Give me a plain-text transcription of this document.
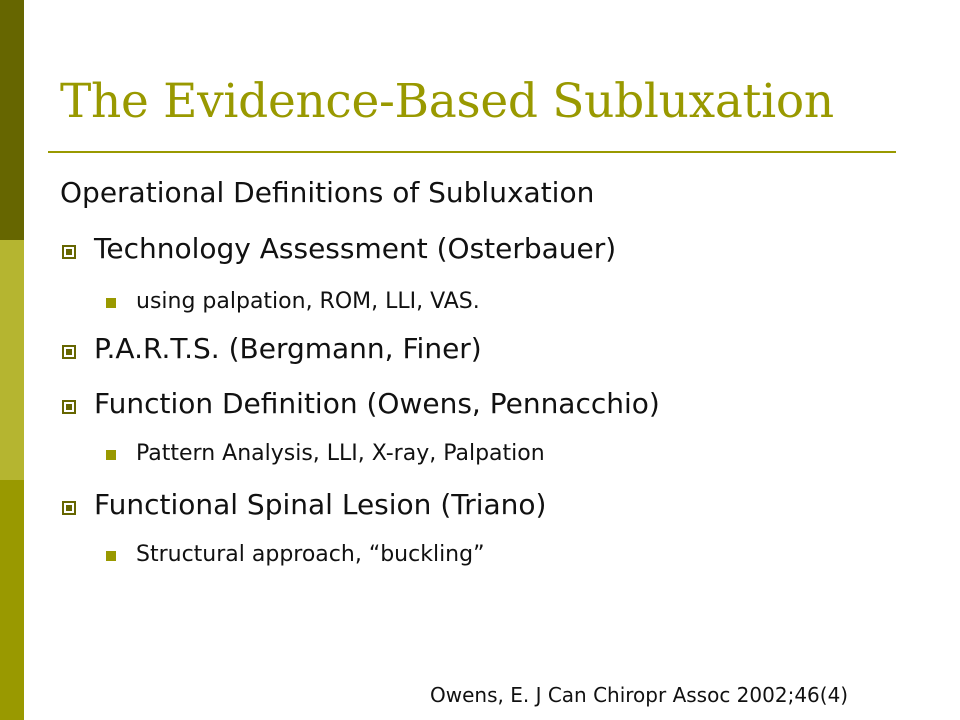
The Evidence-Based Subluxation
Operational Definitions of Subluxation
Technology Assessment (Osterbauer)
using palpation, ROM, LLI, VAS.
P.A.R.T.S. (Bergmann, Finer)
Function Definition (Owens, Pennacchio)
Pattern Analysis, LLI, X-ray, Palpation
Functional Spinal Lesion (Triano)
Structural approach, “buckling”
Owens, E. J Can Chiropr Assoc 2002;46(4)
